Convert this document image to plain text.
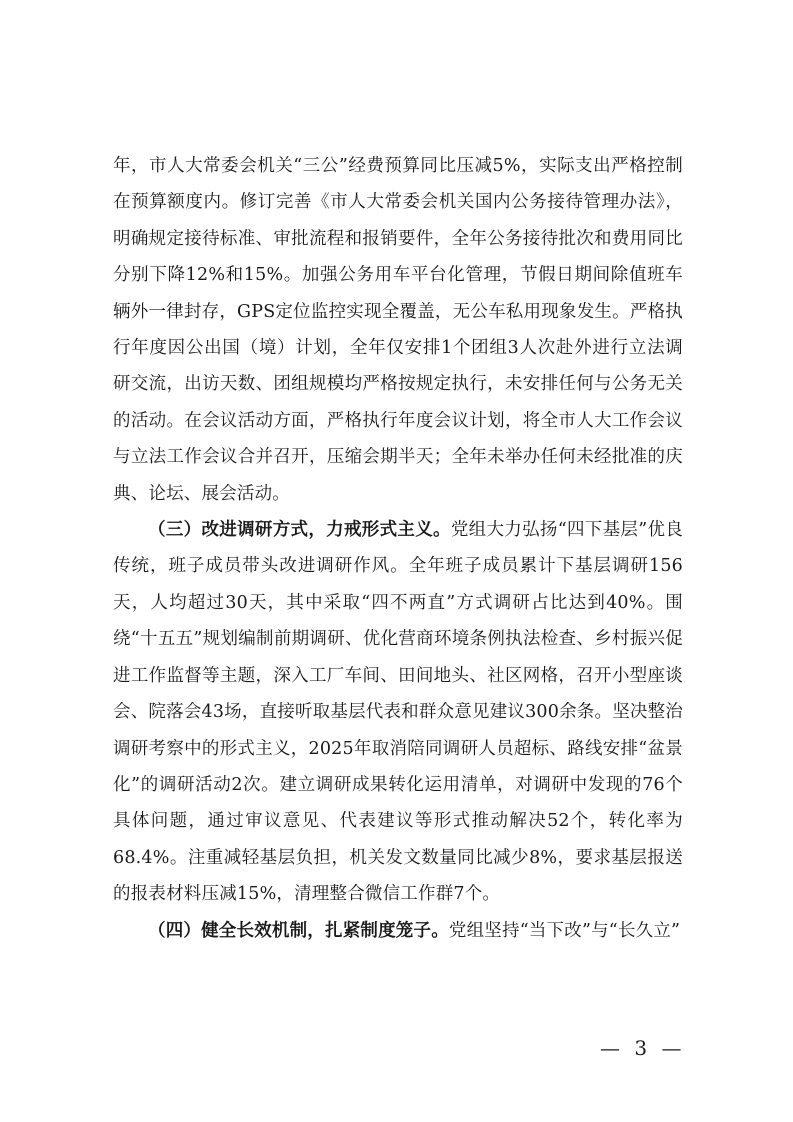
年，市人大常委会机关“三公”经费预算同比压减5%，实际支出严格控制在预算额度内。修订完善《市人大常委会机关国内公务接待管理办法》，明确规定接待标准、审批流程和报销要件，全年公务接待批次和费用同比分别下降12%和15%。加强公务用车平台化管理，节假日期间除值班车辆外一律封存，GPS定位监控实现全覆盖，无公车私用现象发生。严格执行年度因公出国（境）计划，全年仅安排1个团组3人次赴外进行立法调研交流，出访天数、团组规模均严格按规定执行，未安排任何与公务无关的活动。在会议活动方面，严格执行年度会议计划，将全市人大工作会议与立法工作会议合并召开，压缩会期半天；全年未举办任何未经批准的庆典、论坛、展会活动。

（三）改进调研方式，力戒形式主义。党组大力弘扬“四下基层”优良传统，班子成员带头改进调研作风。全年班子成员累计下基层调研156天，人均超过30天，其中采取“四不两直”方式调研占比达到40%。围绕“十五五”规划编制前期调研、优化营商环境条例执法检查、乡村振兴促进工作监督等主题，深入工厂车间、田间地头、社区网格，召开小型座谈会、院落会43场，直接听取基层代表和群众意见建议300余条。坚决整治调研考察中的形式主义，2025年取消陪同调研人员超标、路线安排“盆景化”的调研活动2次。建立调研成果转化运用清单，对调研中发现的76个具体问题，通过审议意见、代表建议等形式推动解决52个，转化率为68.4%。注重减轻基层负担，机关发文数量同比减少8%，要求基层报送的报表材料压减15%，清理整合微信工作群7个。

（四）健全长效机制，扎紧制度笼子。党组坚持“当下改”与“长久立”

— 3 —
